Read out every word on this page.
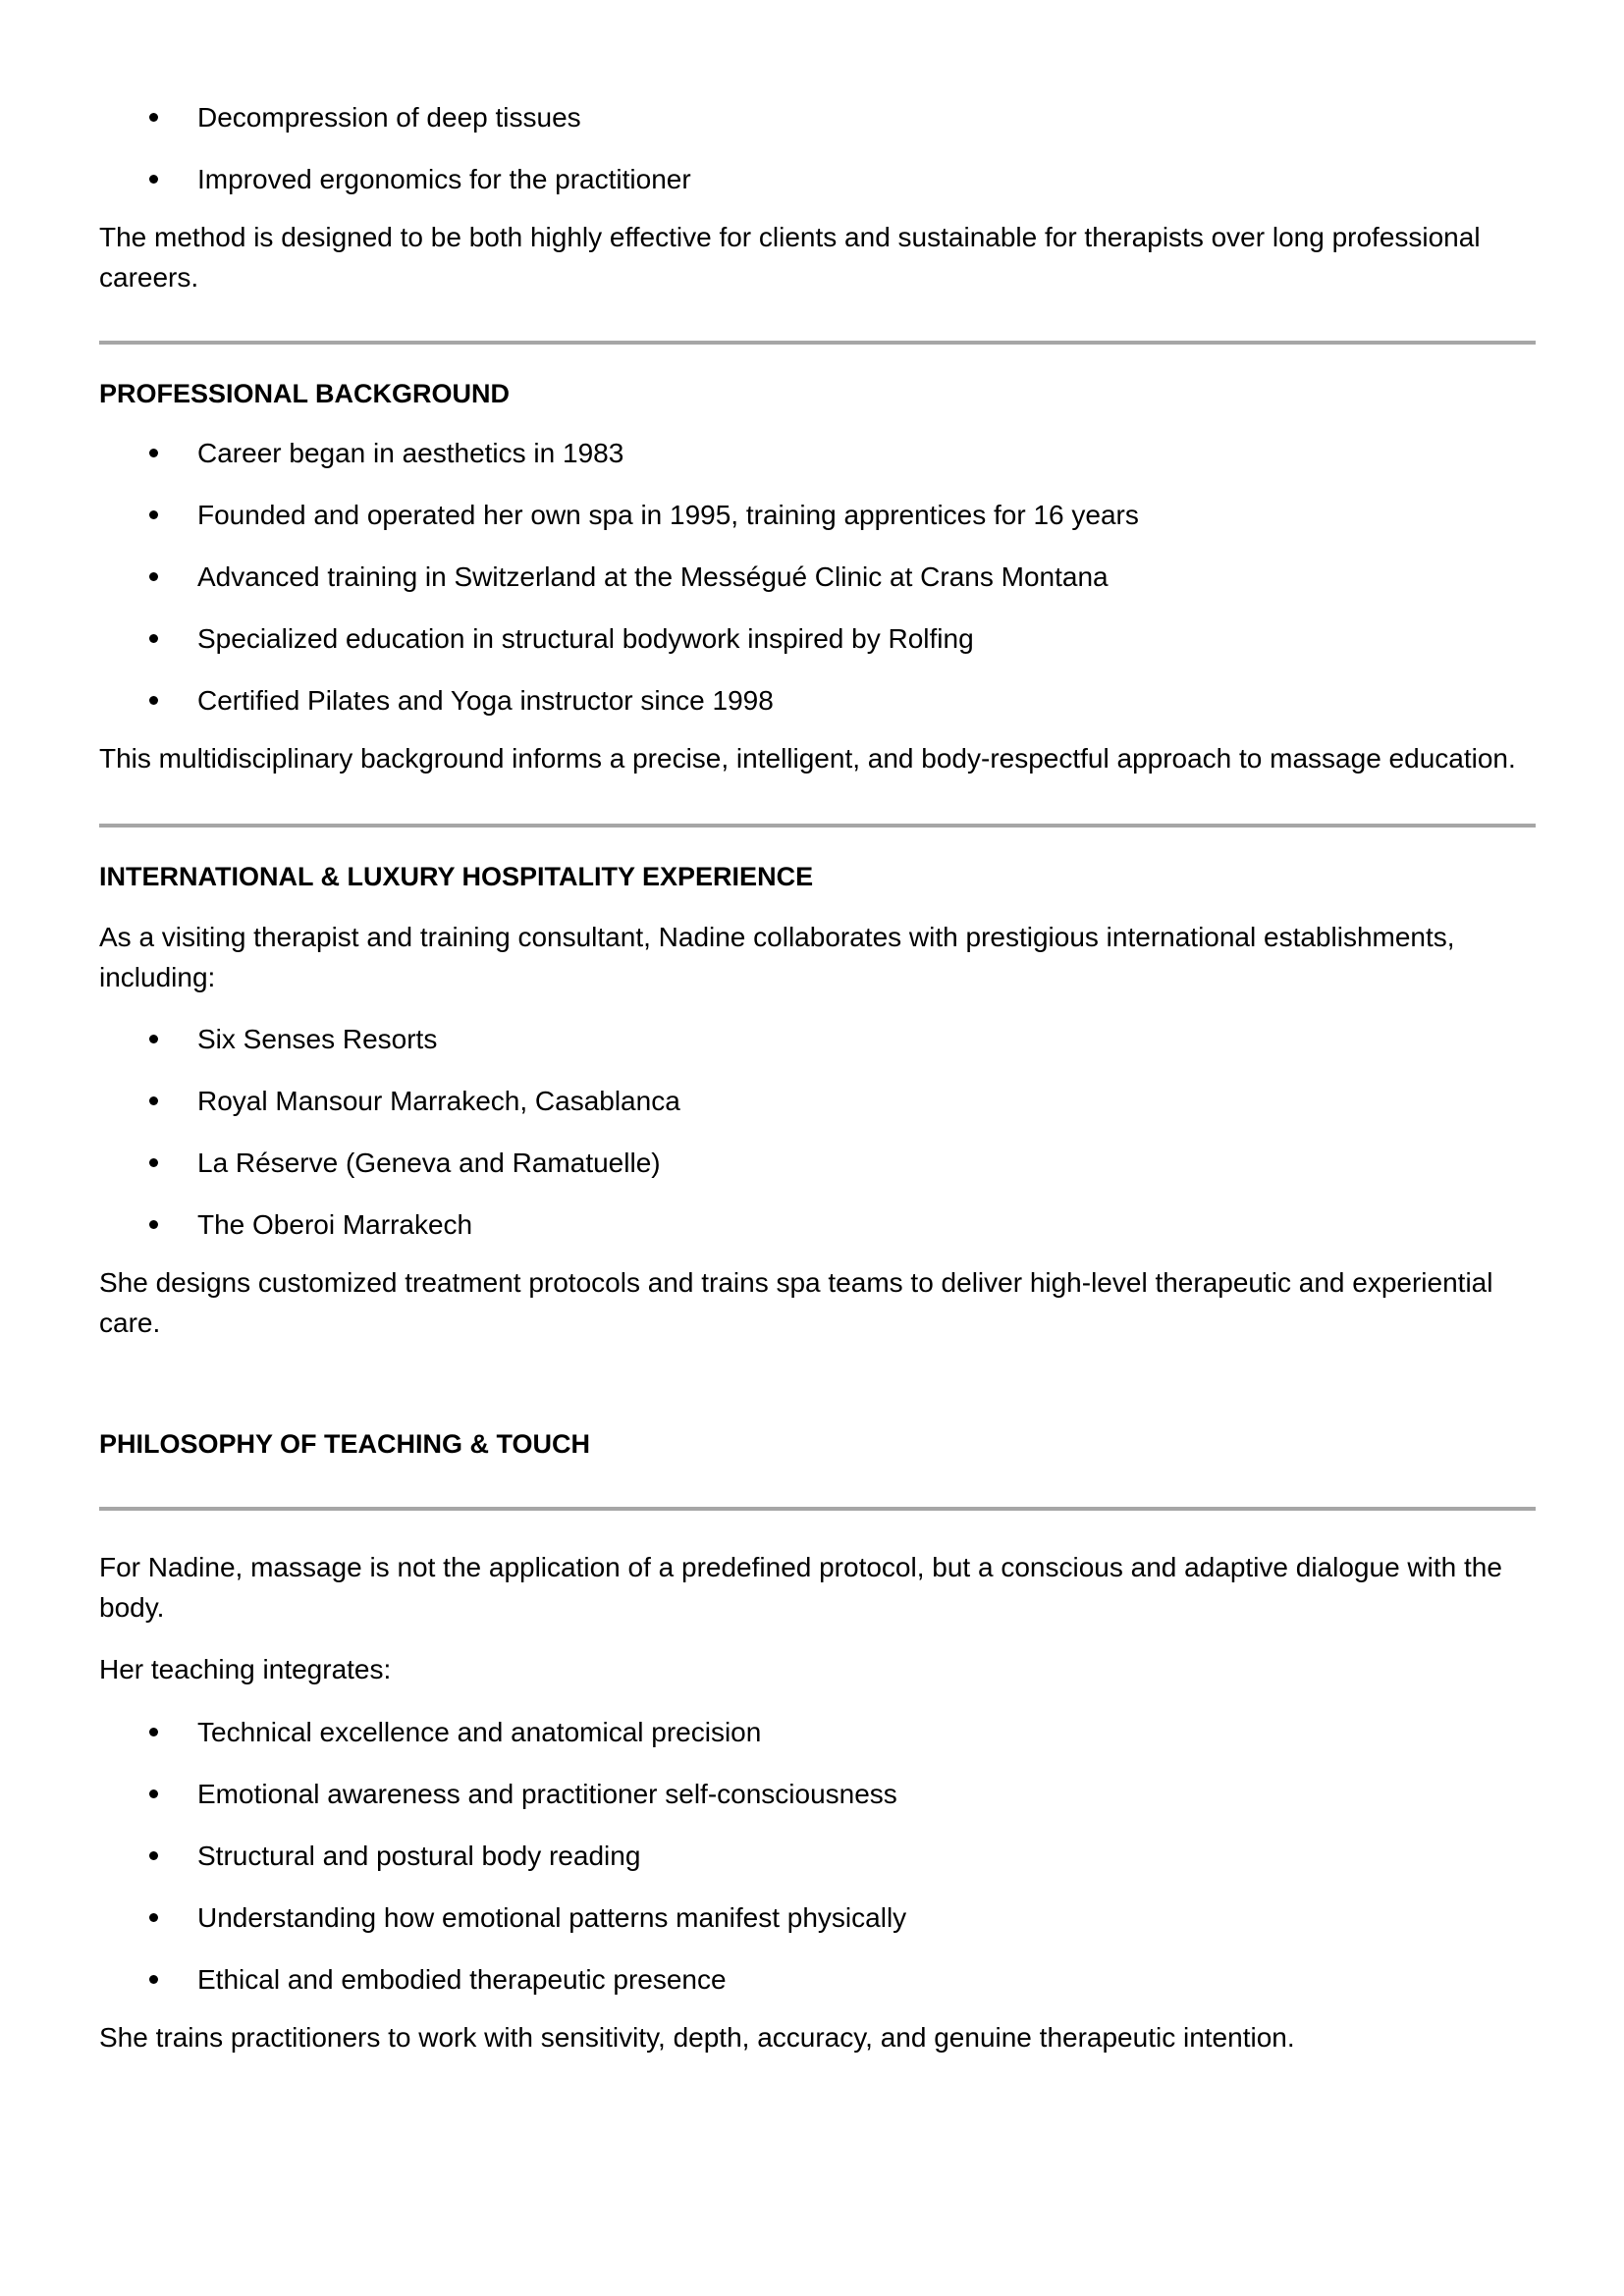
Decompression of deep tissues
Improved ergonomics for the practitioner

The method is designed to be both highly effective for clients and sustainable for therapists over long professional careers.

PROFESSIONAL BACKGROUND
Career began in aesthetics in 1983
Founded and operated her own spa in 1995, training apprentices for 16 years
Advanced training in Switzerland at the Mességué Clinic at Crans Montana
Specialized education in structural bodywork inspired by Rolfing
Certified Pilates and Yoga instructor since 1998

This multidisciplinary background informs a precise, intelligent, and body-respectful approach to massage education.

INTERNATIONAL & LUXURY HOSPITALITY EXPERIENCE

As a visiting therapist and training consultant, Nadine collaborates with prestigious international establishments, including:

Six Senses Resorts
Royal Mansour Marrakech, Casablanca
La Réserve (Geneva and Ramatuelle)
The Oberoi Marrakech

She designs customized treatment protocols and trains spa teams to deliver high-level therapeutic and experiential care.

PHILOSOPHY OF TEACHING & TOUCH

For Nadine, massage is not the application of a predefined protocol, but a conscious and adaptive dialogue with the body.

Her teaching integrates:

Technical excellence and anatomical precision
Emotional awareness and practitioner self-consciousness
Structural and postural body reading
Understanding how emotional patterns manifest physically
Ethical and embodied therapeutic presence

She trains practitioners to work with sensitivity, depth, accuracy, and genuine therapeutic intention.
